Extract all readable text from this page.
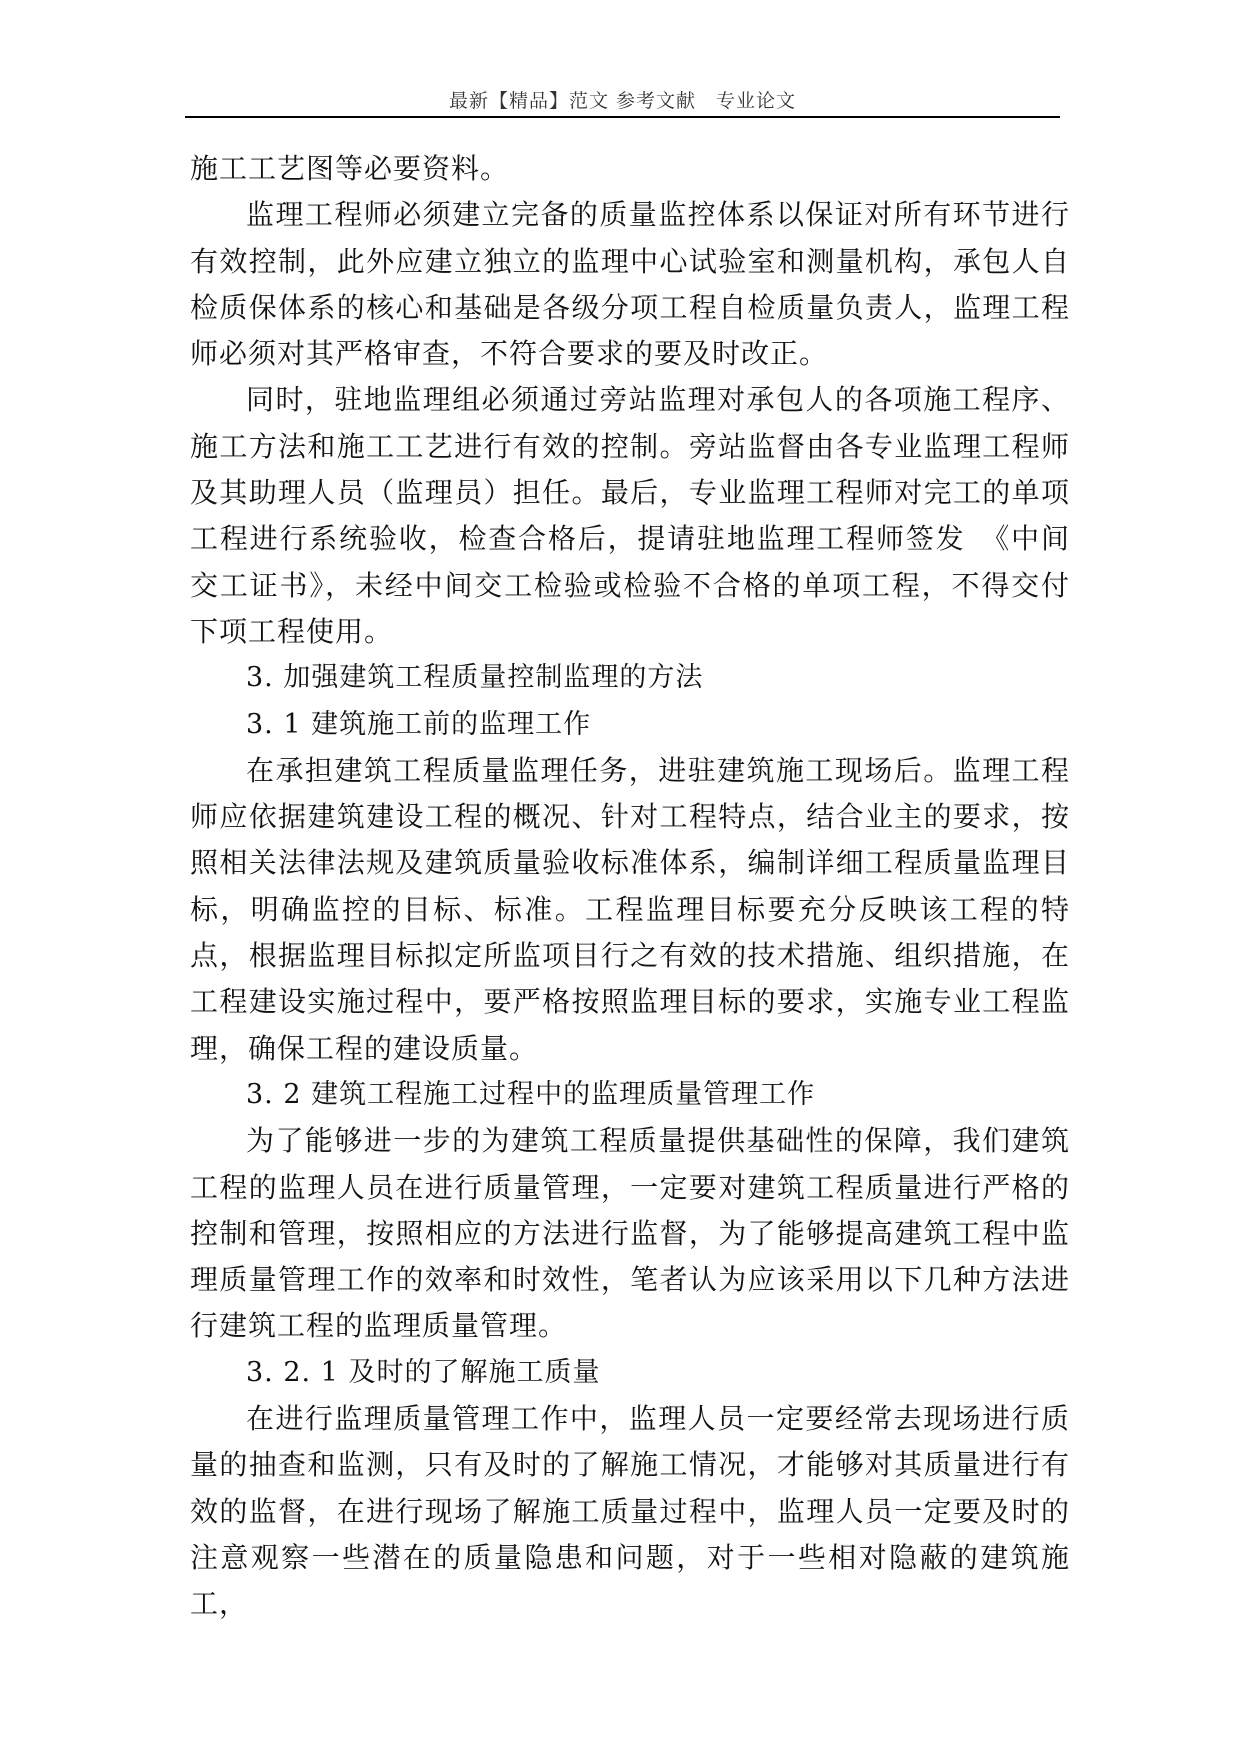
最新【精品】范文 参考文献　专业论文

施工工艺图等必要资料。

监理工程师必须建立完备的质量监控体系以保证对所有环节进行有效控制，此外应建立独立的监理中心试验室和测量机构，承包人自检质保体系的核心和基础是各级分项工程自检质量负责人，监理工程师必须对其严格审查，不符合要求的要及时改正。

同时，驻地监理组必须通过旁站监理对承包人的各项施工程序、施工方法和施工工艺进行有效的控制。旁站监督由各专业监理工程师及其助理人员（监理员）担任。最后，专业监理工程师对完工的单项工程进行系统验收，检查合格后，提请驻地监理工程师签发　《中间交工证书》，未经中间交工检验或检验不合格的单项工程，不得交付下项工程使用。

3. 加强建筑工程质量控制监理的方法

3. 1 建筑施工前的监理工作

在承担建筑工程质量监理任务，进驻建筑施工现场后。监理工程师应依据建筑建设工程的概况、针对工程特点，结合业主的要求，按照相关法律法规及建筑质量验收标准体系，编制详细工程质量监理目标，明确监控的目标、标准。工程监理目标要充分反映该工程的特点，根据监理目标拟定所监项目行之有效的技术措施、组织措施，在工程建设实施过程中，要严格按照监理目标的要求，实施专业工程监理，确保工程的建设质量。

3. 2 建筑工程施工过程中的监理质量管理工作

为了能够进一步的为建筑工程质量提供基础性的保障，我们建筑工程的监理人员在进行质量管理，一定要对建筑工程质量进行严格的控制和管理，按照相应的方法进行监督，为了能够提高建筑工程中监理质量管理工作的效率和时效性，笔者认为应该采用以下几种方法进行建筑工程的监理质量管理。

3. 2. 1 及时的了解施工质量

在进行监理质量管理工作中，监理人员一定要经常去现场进行质量的抽查和监测，只有及时的了解施工情况，才能够对其质量进行有效的监督，在进行现场了解施工质量过程中，监理人员一定要及时的注意观察一些潜在的质量隐患和问题，对于一些相对隐蔽的建筑施工，
